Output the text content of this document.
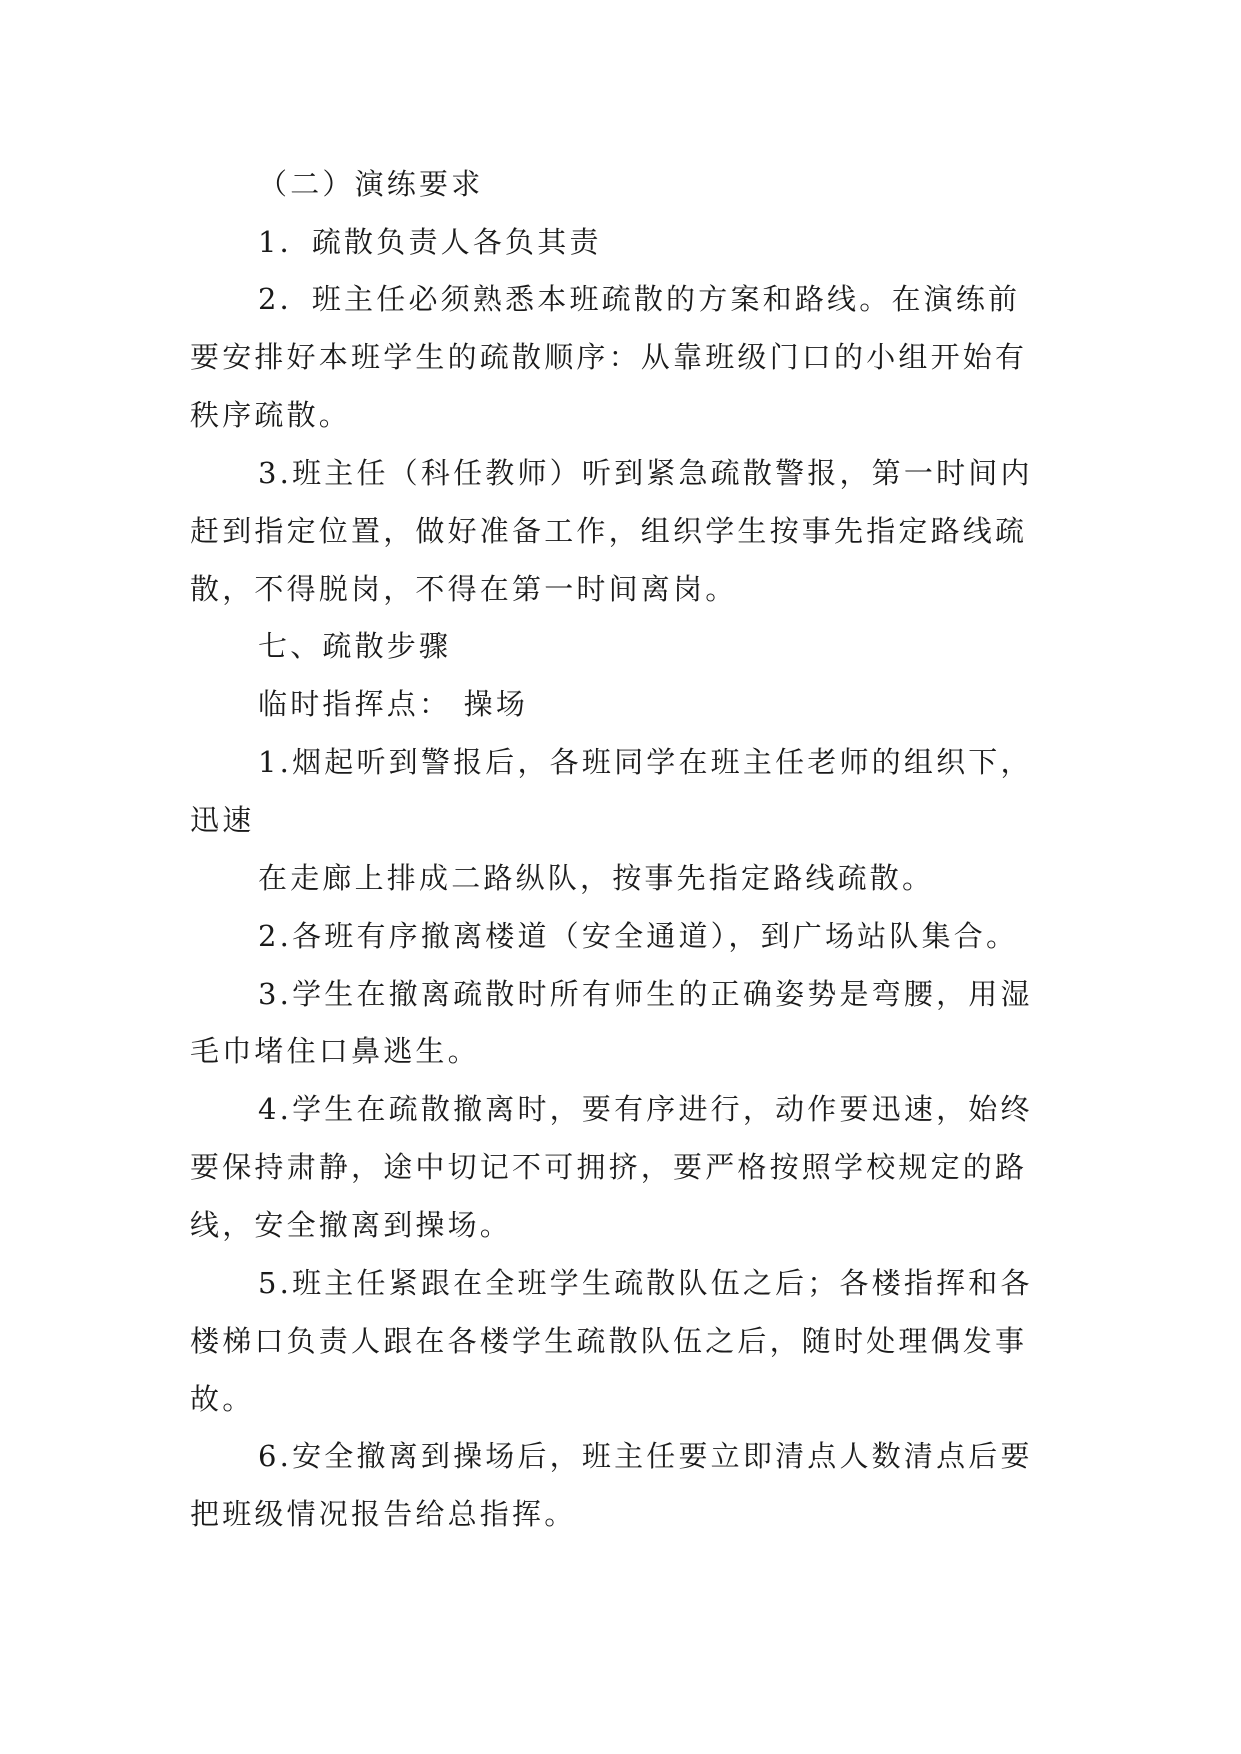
（二）演练要求
1．疏散负责人各负其责
2．班主任必须熟悉本班疏散的方案和路线。在演练前
要安排好本班学生的疏散顺序：从靠班级门口的小组开始有
秩序疏散。
3.班主任（科任教师）听到紧急疏散警报，第一时间内
赶到指定位置，做好准备工作，组织学生按事先指定路线疏
散，不得脱岗，不得在第一时间离岗。
七、疏散步骤
临时指挥点： 操场
1.烟起听到警报后，各班同学在班主任老师的组织下，
迅速
在走廊上排成二路纵队，按事先指定路线疏散。
2.各班有序撤离楼道（安全通道），到广场站队集合。
3.学生在撤离疏散时所有师生的正确姿势是弯腰，用湿
毛巾堵住口鼻逃生。
4.学生在疏散撤离时，要有序进行，动作要迅速，始终
要保持肃静，途中切记不可拥挤，要严格按照学校规定的路
线，安全撤离到操场。
5.班主任紧跟在全班学生疏散队伍之后；各楼指挥和各
楼梯口负责人跟在各楼学生疏散队伍之后，随时处理偶发事
故。
6.安全撤离到操场后，班主任要立即清点人数清点后要
把班级情况报告给总指挥。
